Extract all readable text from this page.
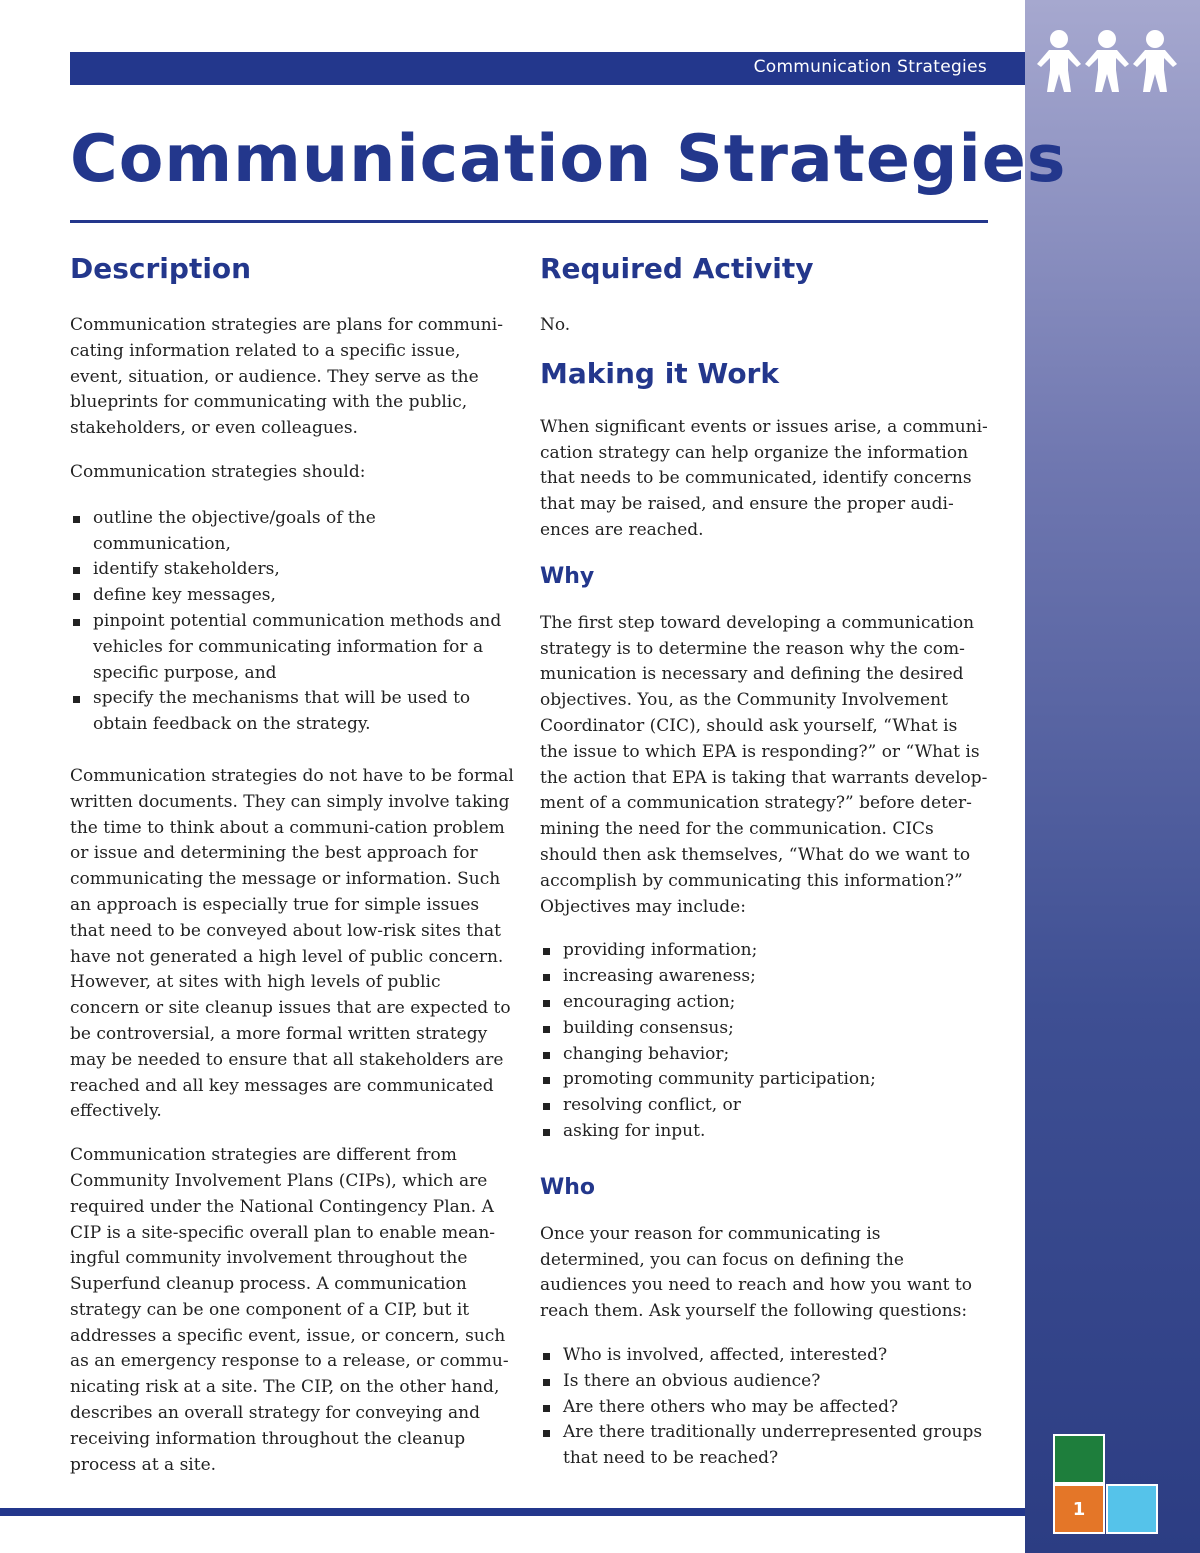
Communication Strategies
Communication Strategies
Description

Communication strategies are plans for communi-cating information related to a specific issue, event, situation, or audience. They serve as the blueprints for communicating with the public, stakeholders, or even colleagues.

Communication strategies should:

outline the objective/goals of the communication,
identify stakeholders,
define key messages,
pinpoint potential communication methods and vehicles for communicating information for a specific purpose, and
specify the mechanisms that will be used to obtain feedback on the strategy.

Communication strategies do not have to be formal written documents. They can simply involve taking the time to think about a communi-cation problem or issue and determining the best approach for communicating the message or information. Such an approach is especially true for simple issues that need to be conveyed about low-risk sites that have not generated a high level of public concern. However, at sites with high levels of public concern or site cleanup issues that are expected to be controversial, a more formal written strategy may be needed to ensure that all stakeholders are reached and all key messages are communicated effectively.

Communication strategies are different from Community Involvement Plans (CIPs), which are required under the National Contingency Plan. A CIP is a site-specific overall plan to enable mean-ingful community involvement throughout the Superfund cleanup process. A communication strategy can be one component of a CIP, but it addresses a specific event, issue, or concern, such as an emergency response to a release, or commu-nicating risk at a site. The CIP, on the other hand, describes an overall strategy for conveying and receiving information throughout the cleanup process at a site.

Required Activity

No.

Making it Work

When significant events or issues arise, a communi-cation strategy can help organize the information that needs to be communicated, identify concerns that may be raised, and ensure the proper audi-ences are reached.

Why

The first step toward developing a communication strategy is to determine the reason why the com-munication is necessary and defining the desired objectives. You, as the Community Involvement Coordinator (CIC), should ask yourself, “What is the issue to which EPA is responding?” or “What is the action that EPA is taking that warrants develop-ment of a communication strategy?” before deter-mining the need for the communication. CICs should then ask themselves, “What do we want to accomplish by communicating this information?” Objectives may include:

providing information;
increasing awareness;
encouraging action;
building consensus;
changing behavior;
promoting community participation;
resolving conflict, or
asking for input.
Who

Once your reason for communicating is determined, you can focus on defining the audiences you need to reach and how you want to reach them. Ask yourself the following questions:

Who is involved, affected, interested?
Is there an obvious audience?
Are there others who may be affected?
Are there traditionally underrepresented groups that need to be reached?
1
